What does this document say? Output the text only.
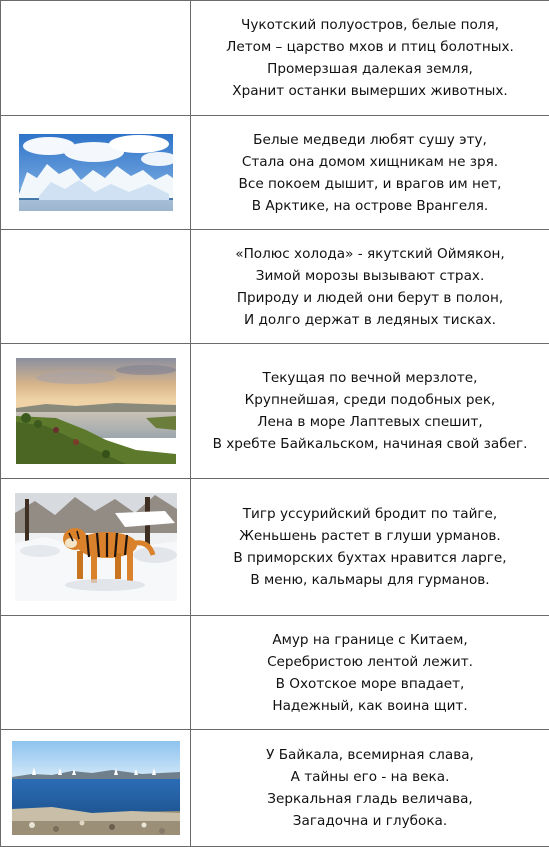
	Чукотский полуостров, белые поля,
Летом – царство мхов и птиц болотных.
Промерзшая далекая земля,
Хранит останки вымерших животных.

Белые медведи любят сушу эту,
Стала она домом хищникам не зря.
Все покоем дышит, и врагов им нет,
В Арктике, на острове Врангеля.

	«Полюс холода» - якутский Оймякон,
Зимой морозы вызывают страх.
Природу и людей они берут в полон,
И долго держат в ледяных тисках.

Текущая по вечной мерзлоте,
Крупнейшая, среди подобных рек,
Лена в море Лаптевых спешит,
В хребте Байкальском, начиная свой забег.

Тигр уссурийский бродит по тайге,
Женьшень растет в глуши урманов.
В приморских бухтах нравится ларге,
В меню, кальмары для гурманов.

	Амур на границе с Китаем,
Серебристою лентой лежит.
В Охотское море впадает,
Надежный, как воина щит.

У Байкала, всемирная слава,
А тайны его - на века.
Зеркальная гладь величава,
Загадочна и глубока.
